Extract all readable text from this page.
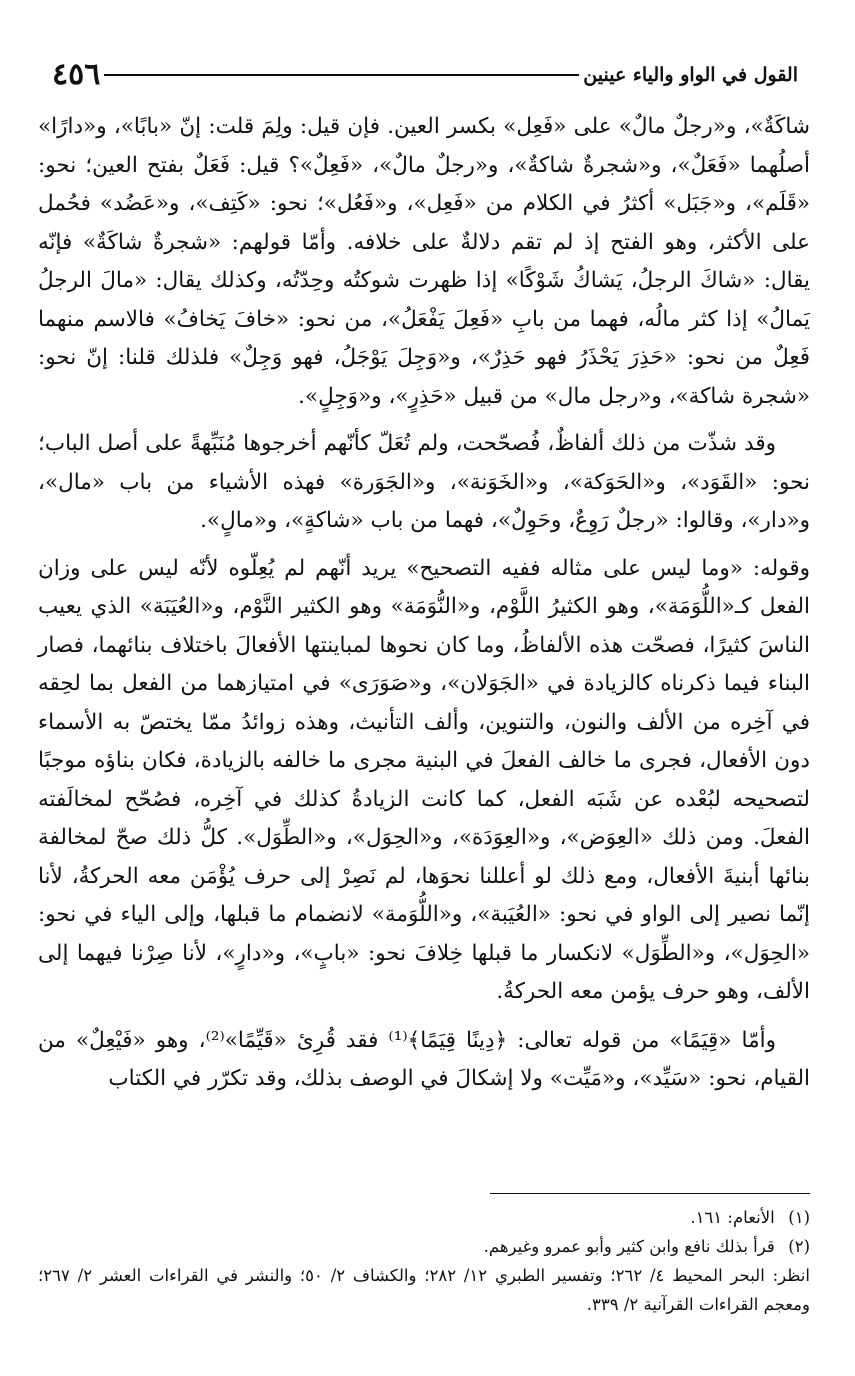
القول في الواو والياء عينين
٤٥٦

شاكَةٌ»، و«رجلٌ مالٌ» على «فَعِل» بكسر العين. فإن قيل: ولِمَ قلت: إنّ «بابًا»، و«دارًا» أصلُهما «فَعَلٌ»، و«شجرةٌ شاكةٌ»، و«رجلٌ مالٌ»، «فَعِلٌ»؟ قيل: فَعَلٌ بفتح العين؛ نحو: «قَلَم»، و«جَبَل» أكثرُ في الكلام من «فَعِل»، و«فَعُل»؛ نحو: «كَتِف»، و«عَضُد» فحُمل على الأكثر، وهو الفتح إذ لم تقم دلالةٌ على خلافه. وأمّا قولهم: «شجرةٌ شاكَةٌ» فإنّه يقال: «شاكَ الرجلُ، يَشاكُ شَوْكًا» إذا ظهرت شوكتُه وحِدّتُه، وكذلك يقال: «مالَ الرجلُ يَمالُ» إذا كثر مالُه، فهما من بابِ «فَعِلَ يَفْعَلُ»، من نحو: «خافَ يَخافُ» فالاسم منهما فَعِلٌ من نحو: «حَذِرَ يَحْذَرُ فهو حَذِرٌ»، و«وَجِلَ يَوْجَلُ، فهو وَجِلٌ» فلذلك قلنا: إنّ نحو: «شجرة شاكة»، و«رجل مال» من قبيل «حَذِرٍ»، و«وَجِلٍ».

وقد شذّت من ذلك ألفاظٌ، فُصحّحت، ولم تُعَلّ كأنّهم أخرجوها مُنَبِّهةً على أصل الباب؛ نحو: «القَوَد»، و«الحَوَكة»، و«الخَوَنة»، و«الجَوَرة» فهذه الأشياء من باب «مال»، و«دار»، وقالوا: «رجلٌ رَوِعٌ، وحَوِلٌ»، فهما من باب «شاكةٍ»، و«مالٍ».

وقوله: «وما ليس على مثاله ففيه التصحيح» يريد أنّهم لم يُعِلّوه لأنّه ليس على وزان الفعل كـ«اللُّوَمَة»، وهو الكثيرُ اللَّوْم، و«النُّوَمَة» وهو الكثير النَّوْم، و«العُيَبَة» الذي يعيب الناسَ كثيرًا، فصحّت هذه الألفاظُ، وما كان نحوها لمباينتها الأفعالَ باختلاف بنائهما، فصار البناء فيما ذكرناه كالزيادة في «الجَوَلان»، و«صَوَرَى» في امتيازهما من الفعل بما لحِقه في آخِره من الألف والنون، والتنوين، وألف التأنيث، وهذه زوائدُ ممّا يختصّ به الأسماء دون الأفعال، فجرى ما خالف الفعلَ في البنية مجرى ما خالفه بالزيادة، فكان بناؤه موجبًا لتصحيحه لبُعْده عن شَبَه الفعل، كما كانت الزيادةُ كذلك في آخِره، فصُحّح لمخالَفته الفعلَ. ومن ذلك «العِوَض»، و«العِوَدَة»، و«الحِوَل»، و«الطِّوَل». كلُّ ذلك صحّ لمخالفة بنائها أبنيةَ الأفعال، ومع ذلك لو أعللنا نحوَها، لم نَصِرْ إلى حرف يُؤْمَن معه الحركةُ، لأنا إنّما نصير إلى الواو في نحو: «العُيَبة»، و«اللُّوَمة» لانضمام ما قبلها، وإلى الياء في نحو: «الحِوَل»، و«الطِّوَل» لانكسار ما قبلها خِلافَ نحو: «بابٍ»، و«دارٍ»، لأنا صِرْنا فيهما إلى الألف، وهو حرف يؤمن معه الحركةُ.

وأمّا «قِيَمًا» من قوله تعالى: ﴿دِينًا قِيَمًا﴾⁽¹⁾ فقد قُرِئ «قَيِّمًا»⁽²⁾، وهو «فَيْعِلٌ» من القيام، نحو: «سَيِّد»، و«مَيِّت» ولا إشكالَ في الوصف بذلك، وقد تكرّر في الكتاب

(١) الأنعام: ١٦١.

(٢) قرأ بذلك نافع وابن كثير وأبو عمرو وغيرهم.

انظر: البحر المحيط ٤/ ٢٦٢؛ وتفسير الطبري ١٢/ ٢٨٢؛ والكشاف ٢/ ٥٠؛ والنشر في القراءات العشر ٢/ ٢٦٧؛ ومعجم القراءات القرآنية ٢/ ٣٣٩.
